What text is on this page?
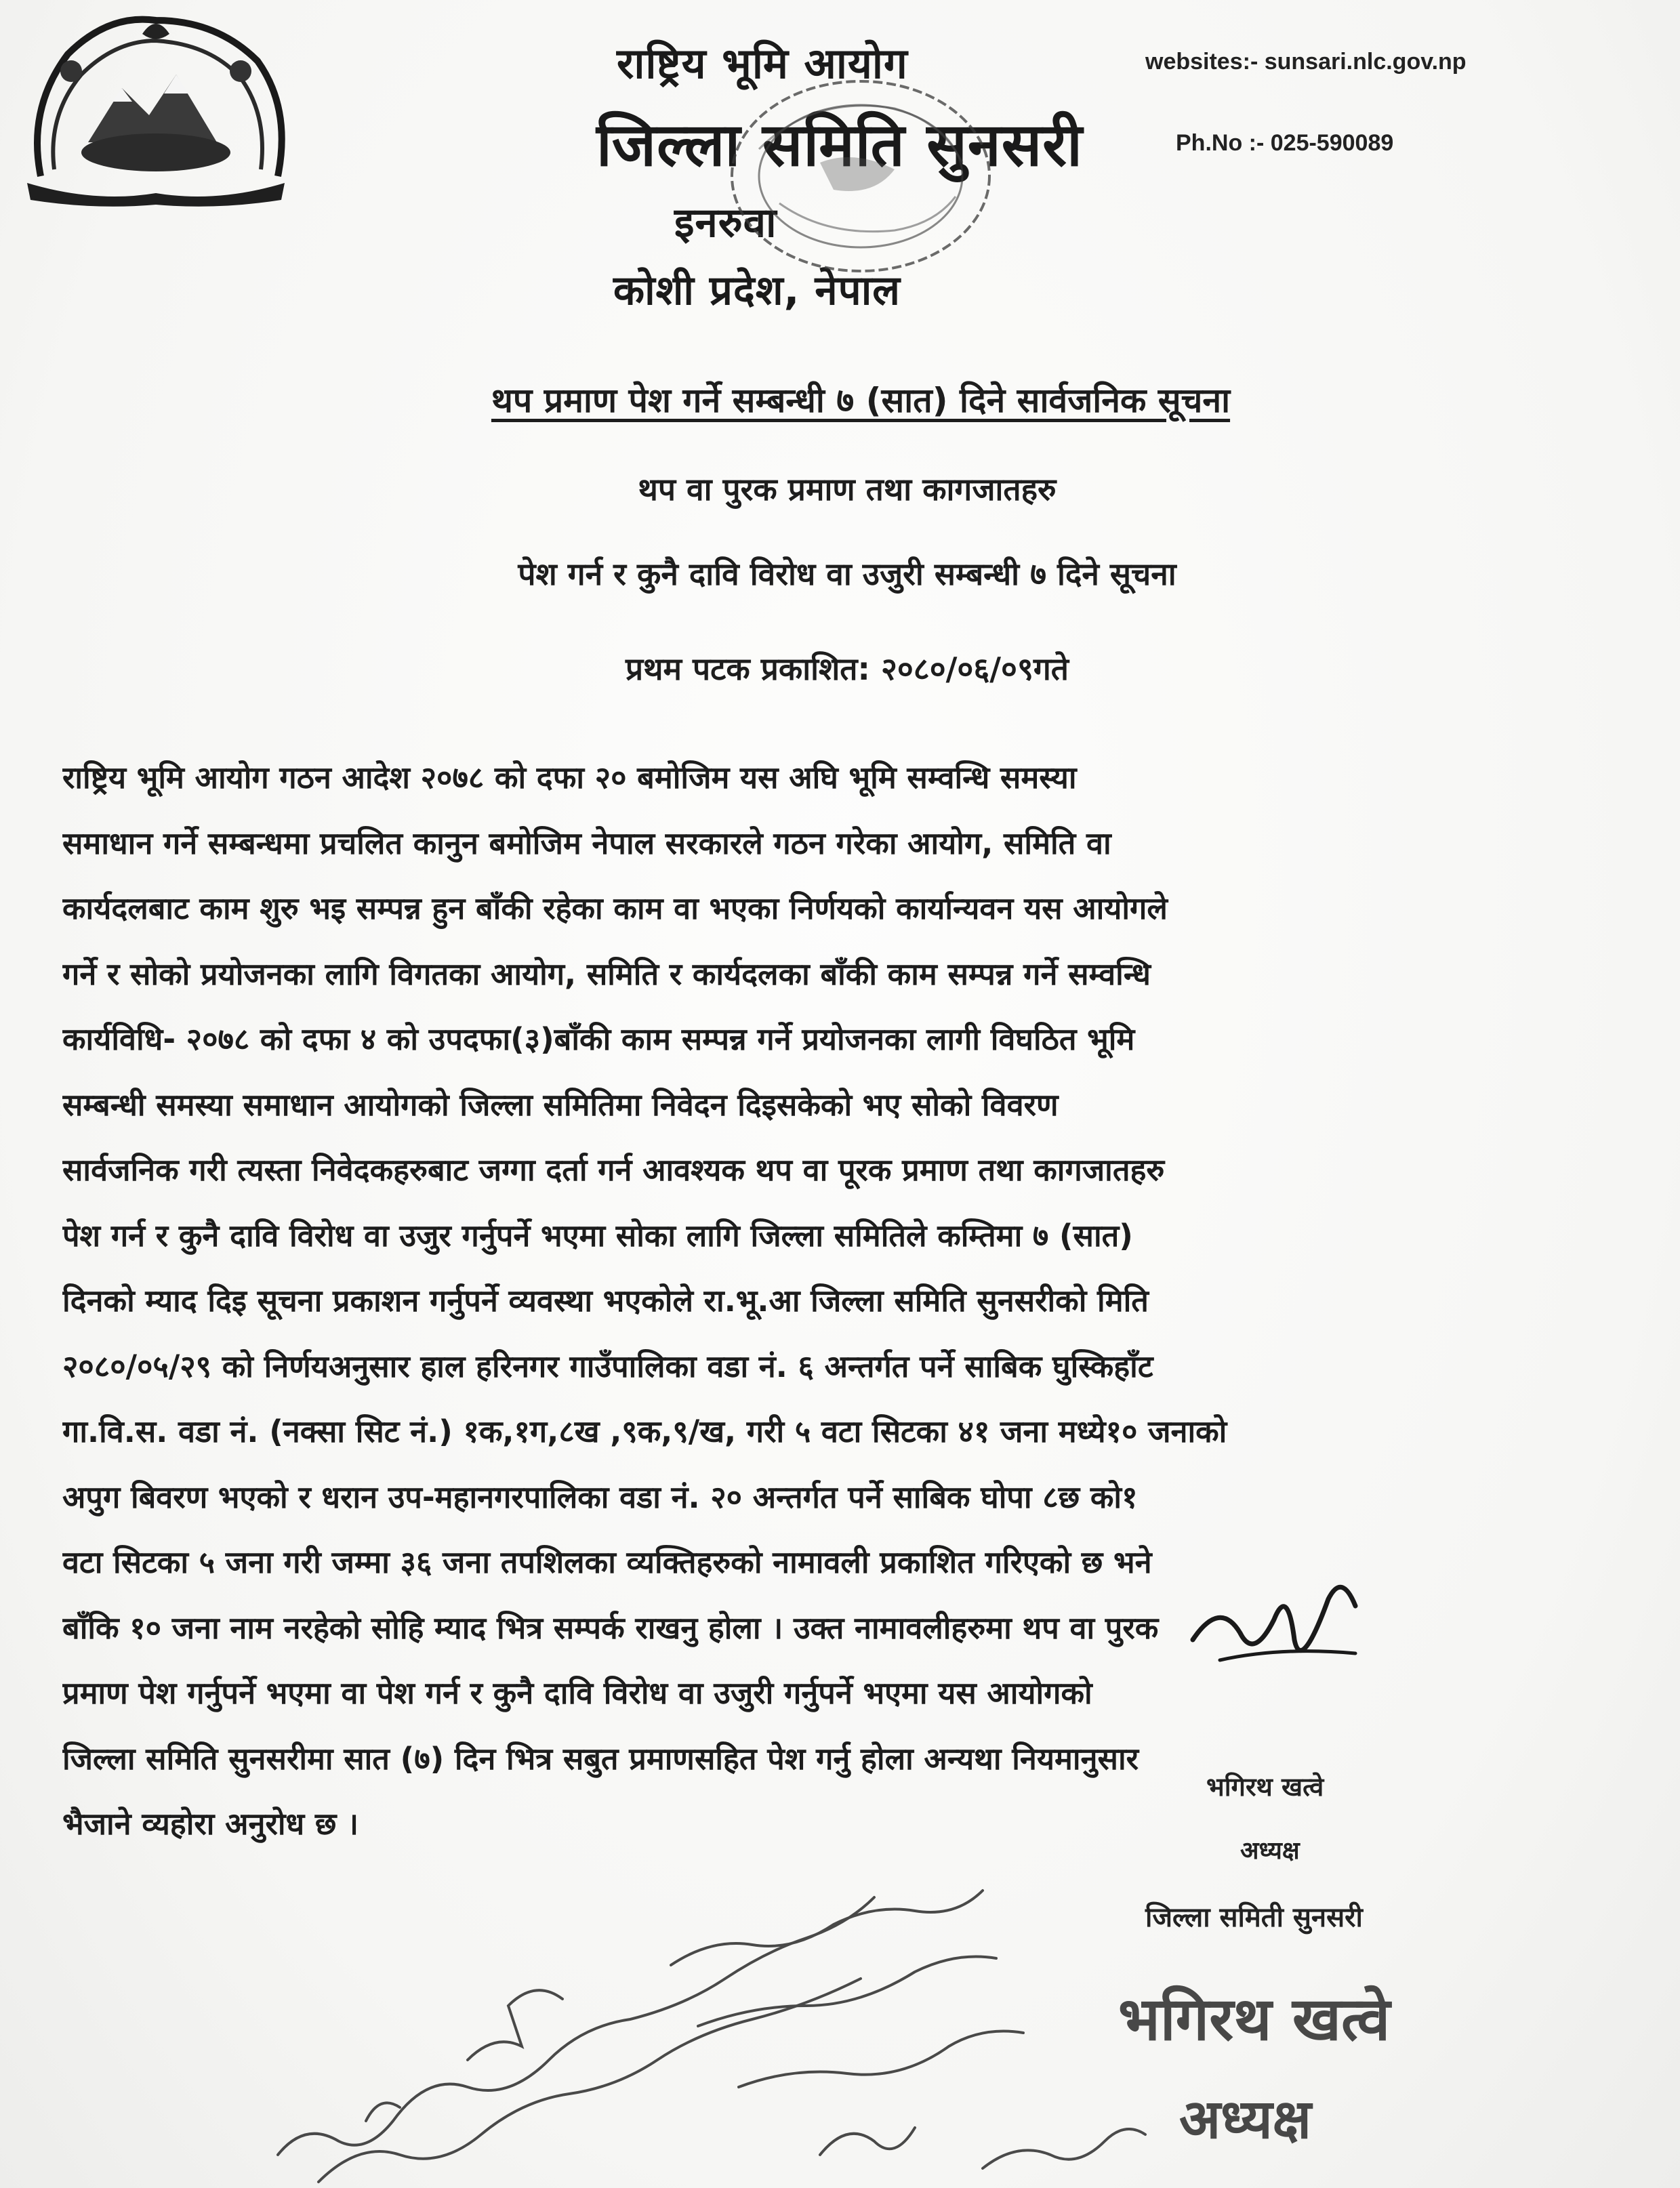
राष्ट्रिय भूमि आयोग
जिल्ला समिति सुनसरी
इनरुवा
कोशी प्रदेश, नेपाल
websites:- sunsari.nlc.gov.np
Ph.No :- 025-590089
थप प्रमाण पेश गर्ने सम्बन्धी ७ (सात) दिने सार्वजनिक सूचना
थप वा पुरक प्रमाण तथा कागजातहरु
पेश गर्न र कुनै दावि विरोध वा उजुरी सम्बन्धी ७ दिने सूचना
प्रथम पटक प्रकाशित: २०८०/०६/०९गते
राष्ट्रिय भूमि आयोग गठन आदेश २०७८ को दफा २० बमोजिम यस अघि भूमि सम्वन्धि समस्या
समाधान गर्ने सम्बन्धमा प्रचलित कानुन बमोजिम नेपाल सरकारले गठन गरेका आयोग, समिति वा
कार्यदलबाट काम शुरु भइ सम्पन्न हुन बाँकी रहेका काम वा भएका निर्णयको कार्यान्यवन यस आयोगले
गर्ने र सोको प्रयोजनका लागि विगतका आयोग, समिति र कार्यदलका बाँकी काम सम्पन्न गर्ने सम्वन्धि
कार्यविधि- २०७८ को दफा ४ को उपदफा(३)बाँकी काम सम्पन्न गर्ने प्रयोजनका लागी विघठित भूमि
सम्बन्धी समस्या समाधान आयोगको जिल्ला समितिमा निवेदन दिइसकेको भए सोको विवरण
सार्वजनिक गरी त्यस्ता निवेदकहरुबाट जग्गा दर्ता गर्न आवश्यक थप वा पूरक प्रमाण तथा कागजातहरु
पेश गर्न र कुनै दावि विरोध वा उजुर गर्नुपर्ने भएमा सोका लागि जिल्ला समितिले कम्तिमा ७ (सात)
दिनको म्याद दिइ सूचना प्रकाशन गर्नुपर्ने व्यवस्था भएकोले रा.भू.आ जिल्ला समिति सुनसरीको मिति
२०८०/०५/२९ को निर्णयअनुसार हाल हरिनगर गाउँपालिका वडा नं. ६ अन्तर्गत पर्ने साबिक घुस्किहाँट
गा.वि.स. वडा नं. (नक्सा सिट नं.) १क,१ग,८ख ,९क,९/ख, गरी ५ वटा सिटका ४१ जना मध्ये१० जनाको
अपुग बिवरण भएको र धरान उप-महानगरपालिका वडा नं. २० अन्तर्गत पर्ने साबिक घोपा ८छ को१
वटा सिटका ५ जना गरी जम्मा ३६ जना तपशिलका व्यक्तिहरुको नामावली प्रकाशित गरिएको छ भने
बाँकि १० जना नाम नरहेको सोहि म्याद भित्र सम्पर्क राखनु होला । उक्त नामावलीहरुमा थप वा पुरक
प्रमाण पेश गर्नुपर्ने भएमा वा पेश गर्न र कुनै दावि विरोध वा उजुरी गर्नुपर्ने भएमा यस आयोगको
जिल्ला समिति सुनसरीमा सात (७) दिन भित्र सबुत प्रमाणसहित पेश गर्नु होला अन्यथा नियमानुसार
भैजाने व्यहोरा अनुरोध छ ।
भगिरथ खत्वे
अध्यक्ष
जिल्ला समिती सुनसरी
भगिरथ खत्वे
अध्यक्ष
